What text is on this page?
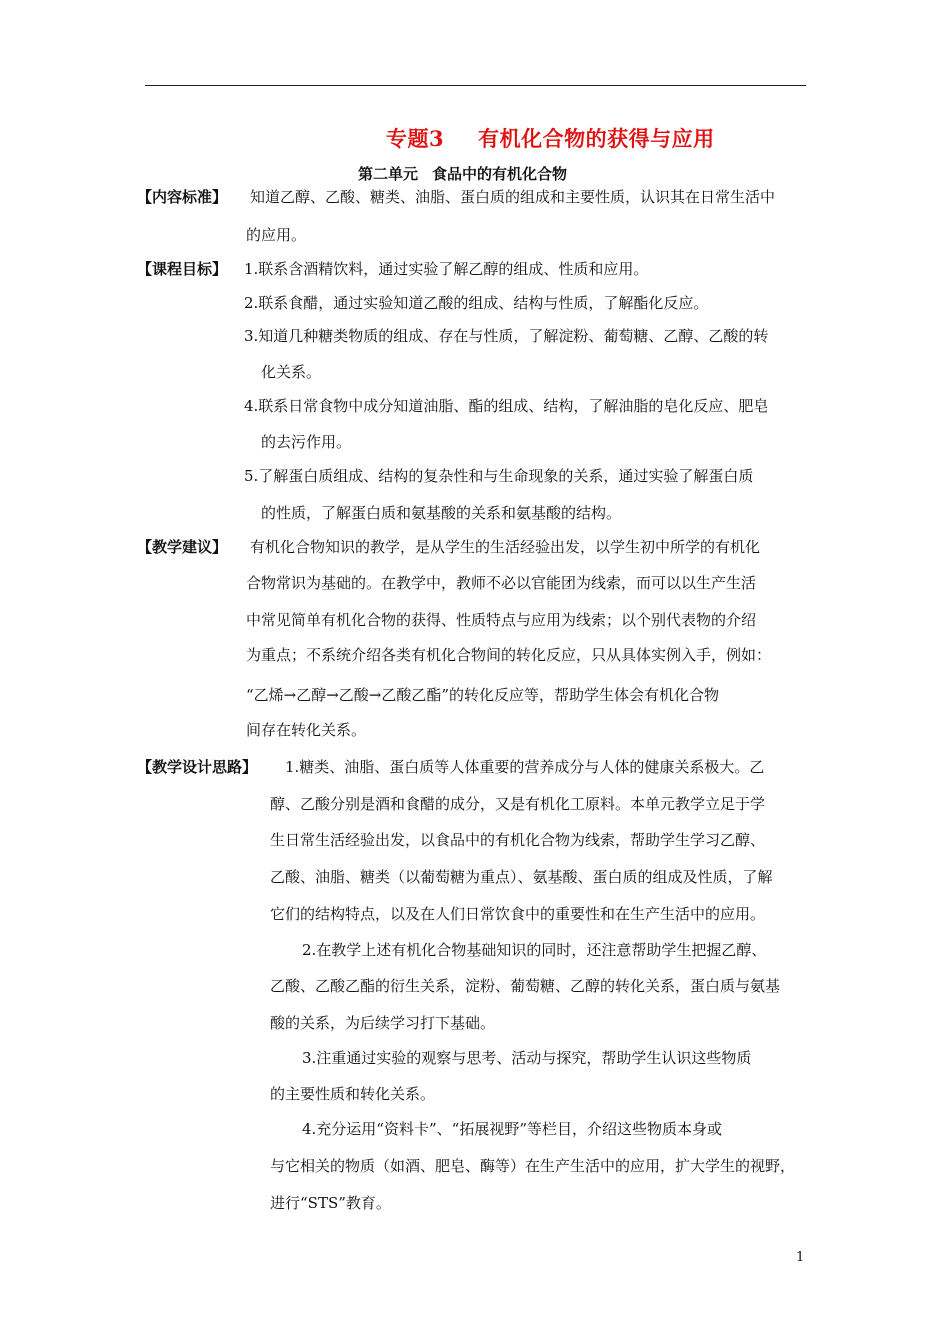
专题3 有机化合物的获得与应用
第二单元 食品中的有机化合物
【内容标准】 知道乙醇、乙酸、糖类、油脂、蛋白质的组成和主要性质，认识其在日常生活中
的应用。
【课程目标】 1.联系含酒精饮料，通过实验了解乙醇的组成、性质和应用。
2.联系食醋，通过实验知道乙酸的组成、结构与性质，了解酯化反应。
3.知道几种糖类物质的组成、存在与性质，了解淀粉、葡萄糖、乙醇、乙酸的转
化关系。
4.联系日常食物中成分知道油脂、酯的组成、结构，了解油脂的皂化反应、肥皂
的去污作用。
5.了解蛋白质组成、结构的复杂性和与生命现象的关系，通过实验了解蛋白质
的性质，了解蛋白质和氨基酸的关系和氨基酸的结构。
【教学建议】 有机化合物知识的教学，是从学生的生活经验出发，以学生初中所学的有机化
合物常识为基础的。在教学中，教师不必以官能团为线索，而可以以生产生活
中常见简单有机化合物的获得、性质特点与应用为线索；以个别代表物的介绍
为重点；不系统介绍各类有机化合物间的转化反应，只从具体实例入手，例如：
“乙烯→乙醇→乙酸→乙酸乙酯”的转化反应等，帮助学生体会有机化合物
间存在转化关系。
【教学设计思路】 1.糖类、油脂、蛋白质等人体重要的营养成分与人体的健康关系极大。乙
醇、乙酸分别是酒和食醋的成分，又是有机化工原料。本单元教学立足于学
生日常生活经验出发，以食品中的有机化合物为线索，帮助学生学习乙醇、
乙酸、油脂、糖类（以葡萄糖为重点）、氨基酸、蛋白质的组成及性质，了解
它们的结构特点，以及在人们日常饮食中的重要性和在生产生活中的应用。
2.在教学上述有机化合物基础知识的同时，还注意帮助学生把握乙醇、
乙酸、乙酸乙酯的衍生关系，淀粉、葡萄糖、乙醇的转化关系，蛋白质与氨基
酸的关系，为后续学习打下基础。
3.注重通过实验的观察与思考、活动与探究，帮助学生认识这些物质
的主要性质和转化关系。
4.充分运用“资料卡”、“拓展视野”等栏目，介绍这些物质本身或
与它相关的物质（如酒、肥皂、酶等）在生产生活中的应用，扩大学生的视野，
进行“STS”教育。
1
